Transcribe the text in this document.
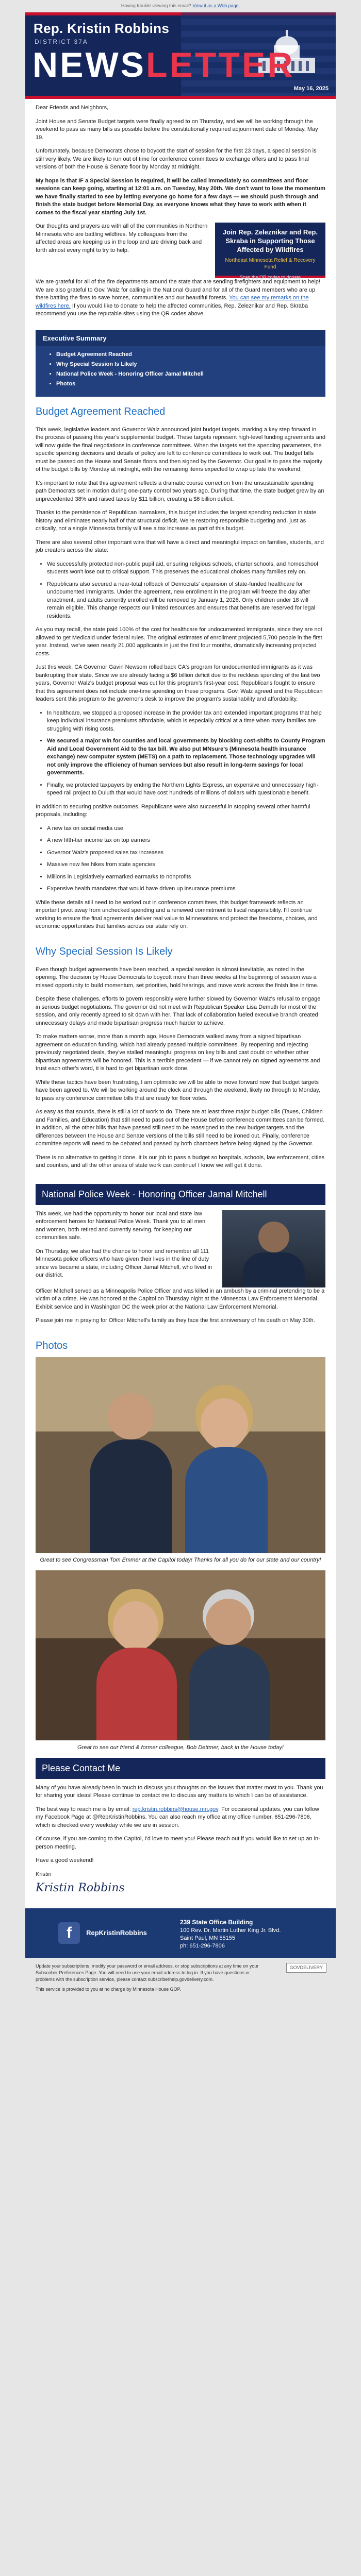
Having trouble viewing this email? View it as a Web page.
Rep. Kristin Robbins
DISTRICT 37A
NEWSLETTER
May 16, 2025

Dear Friends and Neighbors,

Joint House and Senate Budget targets were finally agreed to on Thursday, and we will be working through the weekend to pass as many bills as possible before the constitutionally required adjournment date of Monday, May 19.

Unfortunately, because Democrats chose to boycott the start of session for the first 23 days, a special session is still very likely. We are likely to run out of time for conference committees to exchange offers and to pass final versions of both the House & Senate floor by Monday at midnight.

My hope is that IF a Special Session is required, it will be called immediately so committees and floor sessions can keep going, starting at 12:01 a.m. on Tuesday, May 20th. We don't want to lose the momentum we have finally started to see by letting everyone go home for a few days — we should push through and finish the state budget before Memorial Day, as everyone knows what they have to work with when it comes to the fiscal year starting July 1st.

Our thoughts and prayers are with all of the communities in Northern Minnesota who are battling wildfires. My colleagues from the affected areas are keeping us in the loop and are driving back and forth almost every night to try to help.

Join Rep. Zeleznikar and Rep. Skraba in Supporting Those Affected by Wildfires
Northeast Minnesota Relief & Recovery Fund
Scan the QR codes to donate

We are grateful for all of the fire departments around the state that are sending firefighters and equipment to help! We are also grateful to Gov. Walz for calling in the National Guard and for all of the Guard members who are up there battling the fires to save homes, communities and our beautiful forests. You can see my remarks on the wildfires here. If you would like to donate to help the affected communities, Rep. Zeleznikar and Rep. Skraba recommend you use the reputable sites using the QR codes above.

Executive Summary
• Budget Agreement Reached
• Why Special Session Is Likely
• National Police Week - Honoring Officer Jamal Mitchell
• Photos
Budget Agreement Reached

This week, legislative leaders and Governor Walz announced joint budget targets, marking a key step forward in the process of passing this year's supplemental budget. These targets represent high-level funding agreements and will now guide the final negotiations in conference committees. When the targets set the spending parameters, the specific spending decisions and details of policy are left to conference committees to work out. The budget bills must be passed on the House and Senate floors and then signed by the Governor. Our goal is to pass the majority of the budget bills by Monday at midnight, with the remaining items expected to wrap up late the weekend.

It's important to note that this agreement reflects a dramatic course correction from the unsustainable spending path Democrats set in motion during one-party control two years ago. During that time, the state budget grew by an unprecedented 38% and raised taxes by $11 billion, creating a $6 billion deficit.

Thanks to the persistence of Republican lawmakers, this budget includes the largest spending reduction in state history and eliminates nearly half of that structural deficit. We're restoring responsible budgeting and, just as critically, not a single Minnesota family will see a tax increase as part of this budget.

There are also several other important wins that will have a direct and meaningful impact on families, students, and job creators across the state:

• We successfully protected non-public pupil aid, ensuring religious schools, charter schools, and homeschool students won't lose out to critical support. This preserves the educational choices many families rely on.
• Republicans also secured a near-total rollback of Democrats' expansion of state-funded healthcare for undocumented immigrants. Under the agreement, new enrollment in the program will freeze the day after enactment, and adults currently enrolled will be removed by January 1, 2026. Only children under 18 will remain eligible. This change respects our limited resources and ensures that benefits are reserved for legal residents.

As you may recall, the state paid 100% of the cost for healthcare for undocumented immigrants, since they are not allowed to get Medicaid under federal rules. The original estimates of enrollment projected 5,700 people in the first year. Instead, we've seen nearly 21,000 applicants in just the first four months, dramatically increasing projected costs.

Just this week, CA Governor Gavin Newsom rolled back CA's program for undocumented immigrants as it was bankrupting their state. Since we are already facing a $6 billion deficit due to the reckless spending of the last two years, Governor Walz's budget proposal was cut for this program's first-year cost. Republicans fought to ensure that this agreement does not include one-time spending on these programs. Gov. Walz agreed and the Republican leaders sent this program to the governor's desk to improve the program's sustainability and affordability.

• In healthcare, we stopped a proposed increase in the provider tax and extended important programs that help keep individual insurance premiums affordable, which is especially critical at a time when many families are struggling with rising costs.
• We secured a major win for counties and local governments by blocking cost-shifts to County Program Aid and Local Government Aid to the tax bill. We also put MNsure's (Minnesota health insurance exchange) new computer system (METS) on a path to replacement. Those technology upgrades will not only improve the efficiency of human services but also result in long-term savings for local governments.
• Finally, we protected taxpayers by ending the Northern Lights Express, an expensive and unnecessary high-speed rail project to Duluth that would have cost hundreds of millions of dollars with questionable benefit.

In addition to securing positive outcomes, Republicans were also successful in stopping several other harmful proposals, including:

• A new tax on social media use
• A new fifth-tier income tax on top earners
• Governor Walz's proposed sales tax increases
• Massive new fee hikes from state agencies
• Millions in Legislatively earmarked earmarks to nonprofits
• Expensive health mandates that would have driven up insurance premiums

While these details still need to be worked out in conference committees, this budget framework reflects an important pivot away from unchecked spending and a renewed commitment to fiscal responsibility. I'll continue working to ensure the final agreements deliver real value to Minnesotans and protect the freedoms, choices, and economic opportunities that families across our state rely on.

Why Special Session Is Likely

Even though budget agreements have been reached, a special session is almost inevitable, as noted in the opening. The decision by House Democrats to boycott more than three weeks at the beginning of session was a missed opportunity to build momentum, set priorities, hold hearings, and move work across the finish line in time.

Despite these challenges, efforts to govern responsibly were further slowed by Governor Walz's refusal to engage in serious budget negotiations. The governor did not meet with Republican Speaker Lisa Demuth for most of the session, and only recently agreed to sit down with her. That lack of collaboration fueled executive branch created unnecessary delays and made bipartisan progress much harder to achieve.

To make matters worse, more than a month ago, House Democrats walked away from a signed bipartisan agreement on education funding, which had already passed multiple committees. By reopening and rejecting previously negotiated deals, they've stalled meaningful progress on key bills and cast doubt on whether other bipartisan agreements will be honored. This is a terrible precedent — if we cannot rely on signed agreements and trust each other's word, it is hard to get bipartisan work done.

While these tactics have been frustrating, I am optimistic we will be able to move forward now that budget targets have been agreed to. We will be working around the clock and through the weekend, likely no through to Monday, to pass any conference committee bills that are ready for floor votes.

As easy as that sounds, there is still a lot of work to do. There are at least three major budget bills (Taxes, Children and Families, and Education) that still need to pass out of the House before conference committees can be formed. In addition, all the other bills that have passed still need to be reassigned to the new budget targets and the differences between the House and Senate versions of the bills still need to be ironed out. Finally, conference committee reports will need to be debated and passed by both chambers before being signed by the Governor.

There is no alternative to getting it done. It is our job to pass a budget so hospitals, schools, law enforcement, cities and counties, and all the other areas of state work can continue! I know we will get it done.

National Police Week - Honoring Officer Jamal Mitchell

This week, we had the opportunity to honor our local and state law enforcement heroes for National Police Week. Thank you to all men and women, both retired and currently serving, for keeping our communities safe.

On Thursday, we also had the chance to honor and remember all 111 Minnesota police officers who have given their lives in the line of duty since we became a state, including Officer Jamal Mitchell, who lived in our district.

Officer Mitchell served as a Minneapolis Police Officer and was killed in an ambush by a criminal pretending to be a victim of a crime. He was honored at the Capitol on Thursday night at the Minnesota Law Enforcement Memorial Exhibit service and in Washington DC the week prior at the National Law Enforcement Memorial.

Please join me in praying for Officer Mitchell's family as they face the first anniversary of his death on May 30th.

Photos
Great to see Congressman Tom Emmer at the Capitol today! Thanks for all you do for our state and our country!
Great to see our friend & former colleague, Bob Dettmer, back in the House today!
Please Contact Me

Many of you have already been in touch to discuss your thoughts on the issues that matter most to you. Thank you for sharing your ideas! Please continue to contact me to discuss any matters to which I can be of assistance.

The best way to reach me is by email: rep.kristin.robbins@house.mn.gov. For occasional updates, you can follow my Facebook Page at @RepKristinRobbins. You can also reach my office at my office number, 651-296-7806, which is checked every weekday while we are in session.

Of course, if you are coming to the Capitol, I'd love to meet you! Please reach out if you would like to set up an in-person meeting.

Have a good weekend!

Kristin

Kristin Robbins

f	RepKristinRobbins
239 State Office Building
100 Rev. Dr. Martin Luther King Jr. Blvd.
Saint Paul, MN 55155
ph: 651-296-7806
GOVDELIVERY
Update your subscriptions, modify your password or email address, or stop subscriptions at any time on your Subscriber Preferences Page. You will need to use your email address to log in. If you have questions or problems with the subscription service, please contact subscriberhelp.govdelivery.com.
This service is provided to you at no charge by Minnesota House GOP.
